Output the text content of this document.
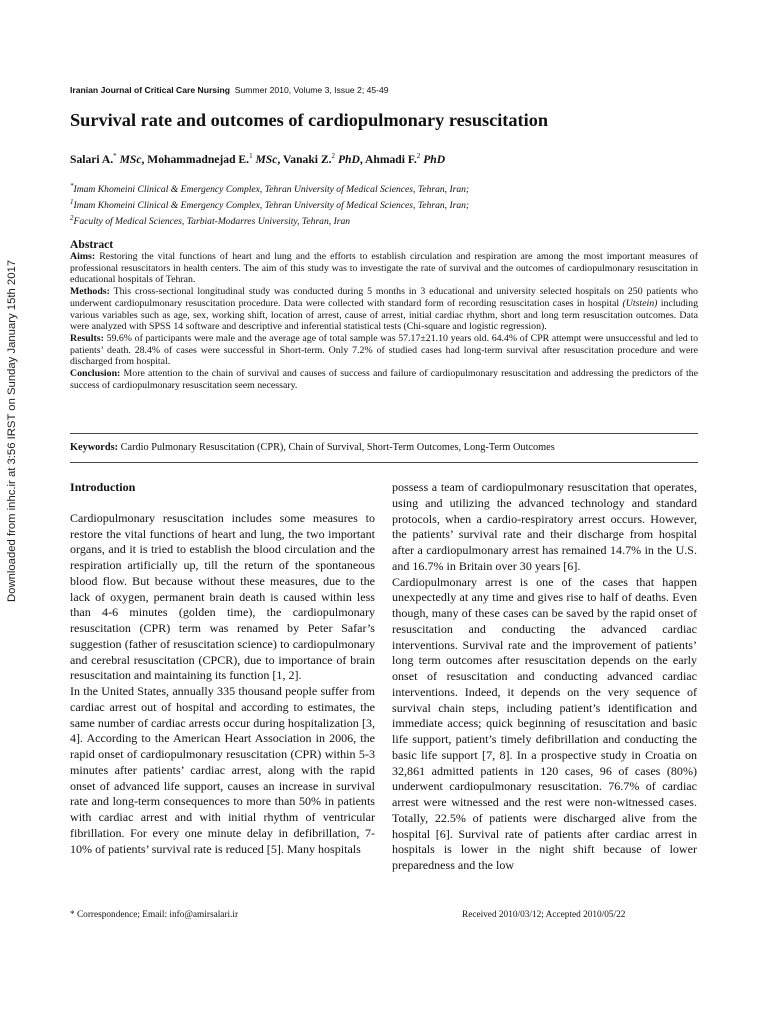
Downloaded from inhc.ir at 3:56 IRST on Sunday January 15th 2017
Iranian Journal of Critical Care Nursing Summer 2010, Volume 3, Issue 2; 45-49
Survival rate and outcomes of cardiopulmonary resuscitation
Salari A.* MSc, Mohammadnejad E.$^1$ MSc, Vanaki Z.$^2$ PhD, Ahmadi F.$^2$ PhD
*Imam Khomeini Clinical & Emergency Complex, Tehran University of Medical Sciences, Tehran, Iran;
$^1$Imam Khomeini Clinical & Emergency Complex, Tehran University of Medical Sciences, Tehran, Iran;
$^2$Faculty of Medical Sciences, Tarbiat-Modarres University, Tehran, Iran
Abstract

Aims: Restoring the vital functions of heart and lung and the efforts to establish circulation and respiration are among the most important measures of professional resuscitators in health centers. The aim of this study was to investigate the rate of survival and the outcomes of cardiopulmonary resuscitation in educational hospitals of Tehran.

Methods: This cross-sectional longitudinal study was conducted during 5 months in 3 educational and university selected hospitals on 250 patients who underwent cardiopulmonary resuscitation procedure. Data were collected with standard form of recording resuscitation cases in hospital (Utstein) including various variables such as age, sex, working shift, location of arrest, cause of arrest, initial cardiac rhythm, short and long term resuscitation outcomes. Data were analyzed with SPSS 14 software and descriptive and inferential statistical tests (Chi-square and logistic regression).

Results: 59.6% of participants were male and the average age of total sample was 57.17±21.10 years old. 64.4% of CPR attempt were unsuccessful and led to patients’ death. 28.4% of cases were successful in Short-term. Only 7.2% of studied cases had long-term survival after resuscitation procedure and were discharged from hospital.

Conclusion: More attention to the chain of survival and causes of success and failure of cardiopulmonary resuscitation and addressing the predictors of the success of cardiopulmonary resuscitation seem necessary.

Keywords: Cardio Pulmonary Resuscitation (CPR), Chain of Survival, Short-Term Outcomes, Long-Term Outcomes

Introduction

Cardiopulmonary resuscitation includes some measures to restore the vital functions of heart and lung, the two important organs, and it is tried to establish the blood circulation and the respiration artificially up, till the return of the spontaneous blood flow. But because without these measures, due to the lack of oxygen, permanent brain death is caused within less than 4-6 minutes (golden time), the cardiopulmonary resuscitation (CPR) term was renamed by Peter Safar’s suggestion (father of resuscitation science) to cardiopulmonary and cerebral resuscitation (CPCR), due to importance of brain resuscitation and maintaining its function [1, 2].

In the United States, annually 335 thousand people suffer from cardiac arrest out of hospital and according to estimates, the same number of cardiac arrests occur during hospitalization [3, 4]. According to the American Heart Association in 2006, the rapid onset of cardiopulmonary resuscitation (CPR) within 5-3 minutes after patients’ cardiac arrest, along with the rapid onset of advanced life support, causes an increase in survival rate and long-term consequences to more than 50% in patients with cardiac arrest and with initial rhythm of ventricular fibrillation. For every one minute delay in defibrillation, 7-10% of patients’ survival rate is reduced [5]. Many hospitals

possess a team of cardiopulmonary resuscitation that operates, using and utilizing the advanced technology and standard protocols, when a cardio-respiratory arrest occurs. However, the patients’ survival rate and their discharge from hospital after a cardiopulmonary arrest has remained 14.7% in the U.S. and 16.7% in Britain over 30 years [6].

Cardiopulmonary arrest is one of the cases that happen unexpectedly at any time and gives rise to half of deaths. Even though, many of these cases can be saved by the rapid onset of resuscitation and conducting the advanced cardiac interventions. Survival rate and the improvement of patients’ long term outcomes after resuscitation depends on the early onset of resuscitation and conducting advanced cardiac interventions. Indeed, it depends on the very sequence of survival chain steps, including patient’s identification and immediate access; quick beginning of resuscitation and basic life support, patient’s timely defibrillation and conducting the basic life support [7, 8]. In a prospective study in Croatia on 32,861 admitted patients in 120 cases, 96 of cases (80%) underwent cardiopulmonary resuscitation. 76.7% of cardiac arrest were witnessed and the rest were non-witnessed cases. Totally, 22.5% of patients were discharged alive from the hospital [6]. Survival rate of patients after cardiac arrest in hospitals is lower in the night shift because of lower preparedness and the low

* Correspondence; Email: info@amirsalari.ir	Received 2010/03/12; Accepted 2010/05/22
